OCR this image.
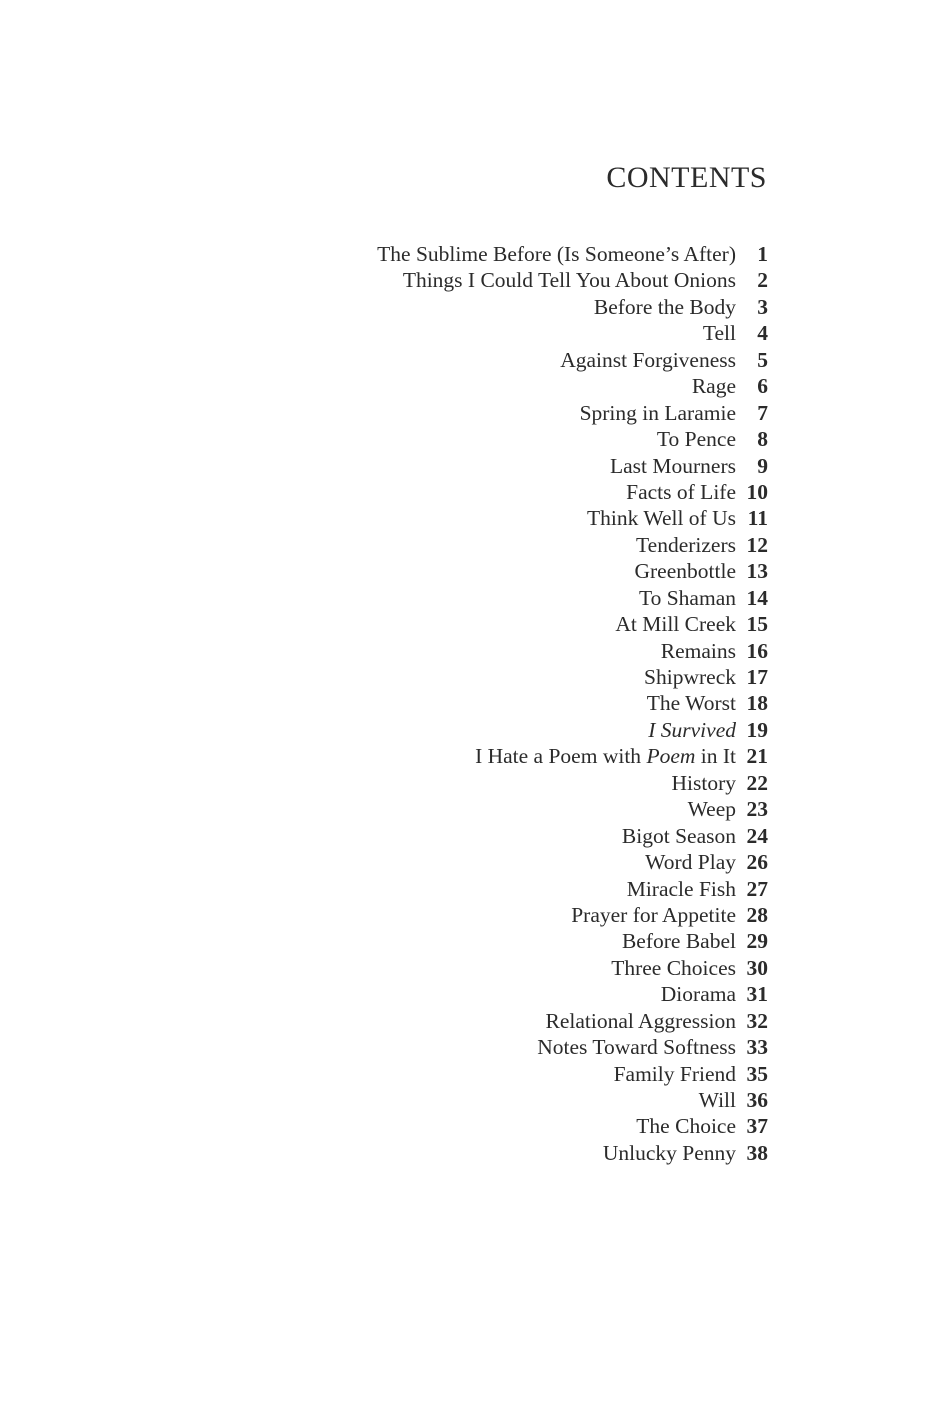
CONTENTS
The Sublime Before (Is Someone’s After) 1
Things I Could Tell You About Onions 2
Before the Body 3
Tell 4
Against Forgiveness 5
Rage 6
Spring in Laramie 7
To Pence 8
Last Mourners 9
Facts of Life 10
Think Well of Us 11
Tenderizers 12
Greenbottle 13
To Shaman 14
At Mill Creek 15
Remains 16
Shipwreck 17
The Worst 18
I Survived 19
I Hate a Poem with Poem in It 21
History 22
Weep 23
Bigot Season 24
Word Play 26
Miracle Fish 27
Prayer for Appetite 28
Before Babel 29
Three Choices 30
Diorama 31
Relational Aggression 32
Notes Toward Softness 33
Family Friend 35
Will 36
The Choice 37
Unlucky Penny 38
